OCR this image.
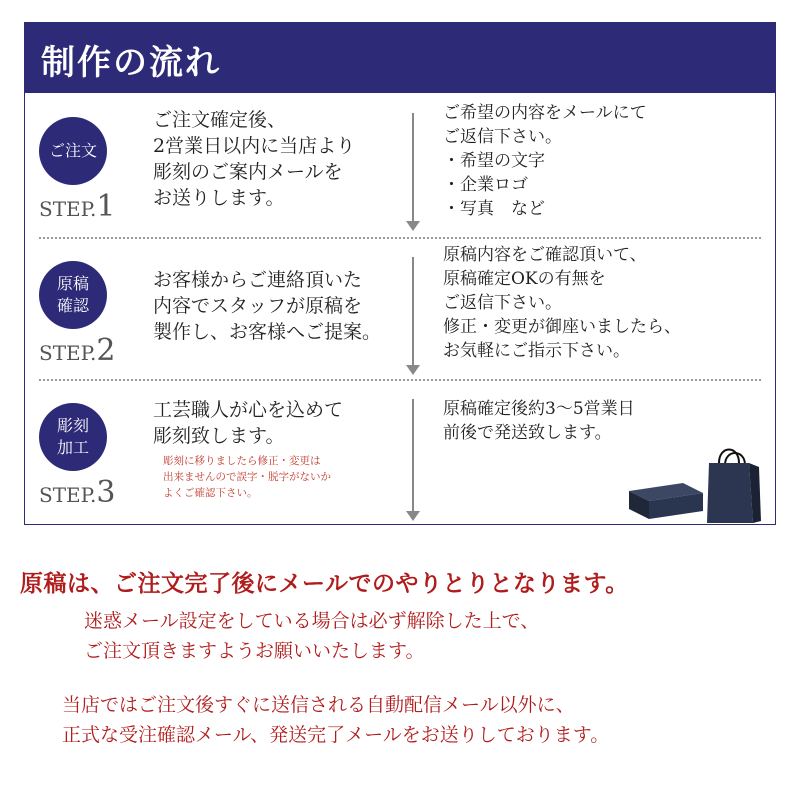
制作の流れ
ご注文
STEP.1
ご注文確定後、
2営業日以内に当店より
彫刻のご案内メールを
お送りします。
ご希望の内容をメールにて
ご返信下さい。
・希望の文字
・企業ロゴ
・写真　など
原稿
確認
STEP.2
お客様からご連絡頂いた
内容でスタッフが原稿を
製作し、お客様へご提案。
原稿内容をご確認頂いて、
原稿確定OKの有無を
ご返信下さい。
修正・変更が御座いましたら、
お気軽にご指示下さい。
彫刻
加工
STEP.3
工芸職人が心を込めて
彫刻致します。
彫刻に移りましたら修正・変更は
出来ませんので誤字・脱字がないか
よくご確認下さい。
原稿確定後約3～5営業日
前後で発送致します。
原稿は、ご注文完了後にメールでのやりとりとなります。
迷惑メール設定をしている場合は必ず解除した上で、
ご注文頂きますようお願いいたします。
当店ではご注文後すぐに送信される自動配信メール以外に、
正式な受注確認メール、発送完了メールをお送りしております。
